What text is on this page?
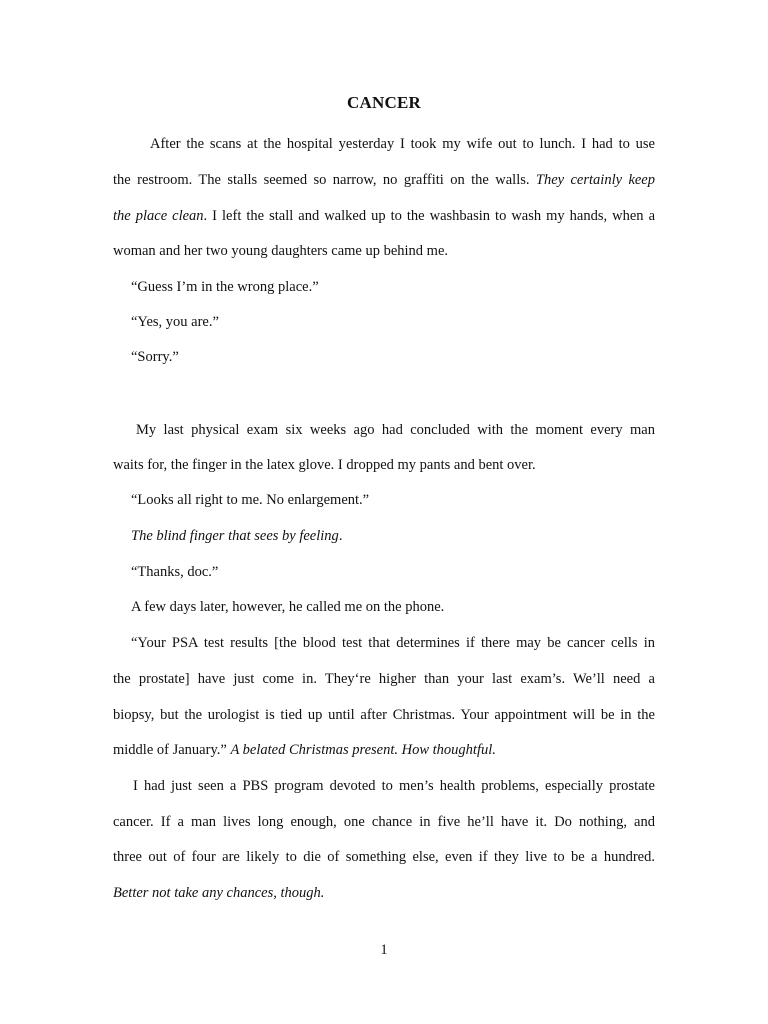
CANCER
After the scans at the hospital yesterday I took my wife out to lunch. I had to use
the restroom. The stalls seemed so narrow, no graffiti on the walls. They certainly keep
the place clean. I left the stall and walked up to the washbasin to wash my hands, when a
woman and her two young daughters came up behind me.
“Guess I’m in the wrong place.”
“Yes, you are.”
“Sorry.”
My last physical exam six weeks ago had concluded with the moment every man
waits for, the finger in the latex glove. I dropped my pants and bent over.
“Looks all right to me. No enlargement.”
The blind finger that sees by feeling.
“Thanks, doc.”
A few days later, however, he called me on the phone.
“Your PSA test results [the blood test that determines if there may be cancer cells in
the prostate] have just come in. They‘re higher than your last exam’s. We’ll need a
biopsy, but the urologist is tied up until after Christmas. Your appointment will be in the
middle of January.” A belated Christmas present. How thoughtful.
I had just seen a PBS program devoted to men’s health problems, especially prostate
cancer. If a man lives long enough, one chance in five he’ll have it. Do nothing, and
three out of four are likely to die of something else, even if they live to be a hundred.
Better not take any chances, though.
1
